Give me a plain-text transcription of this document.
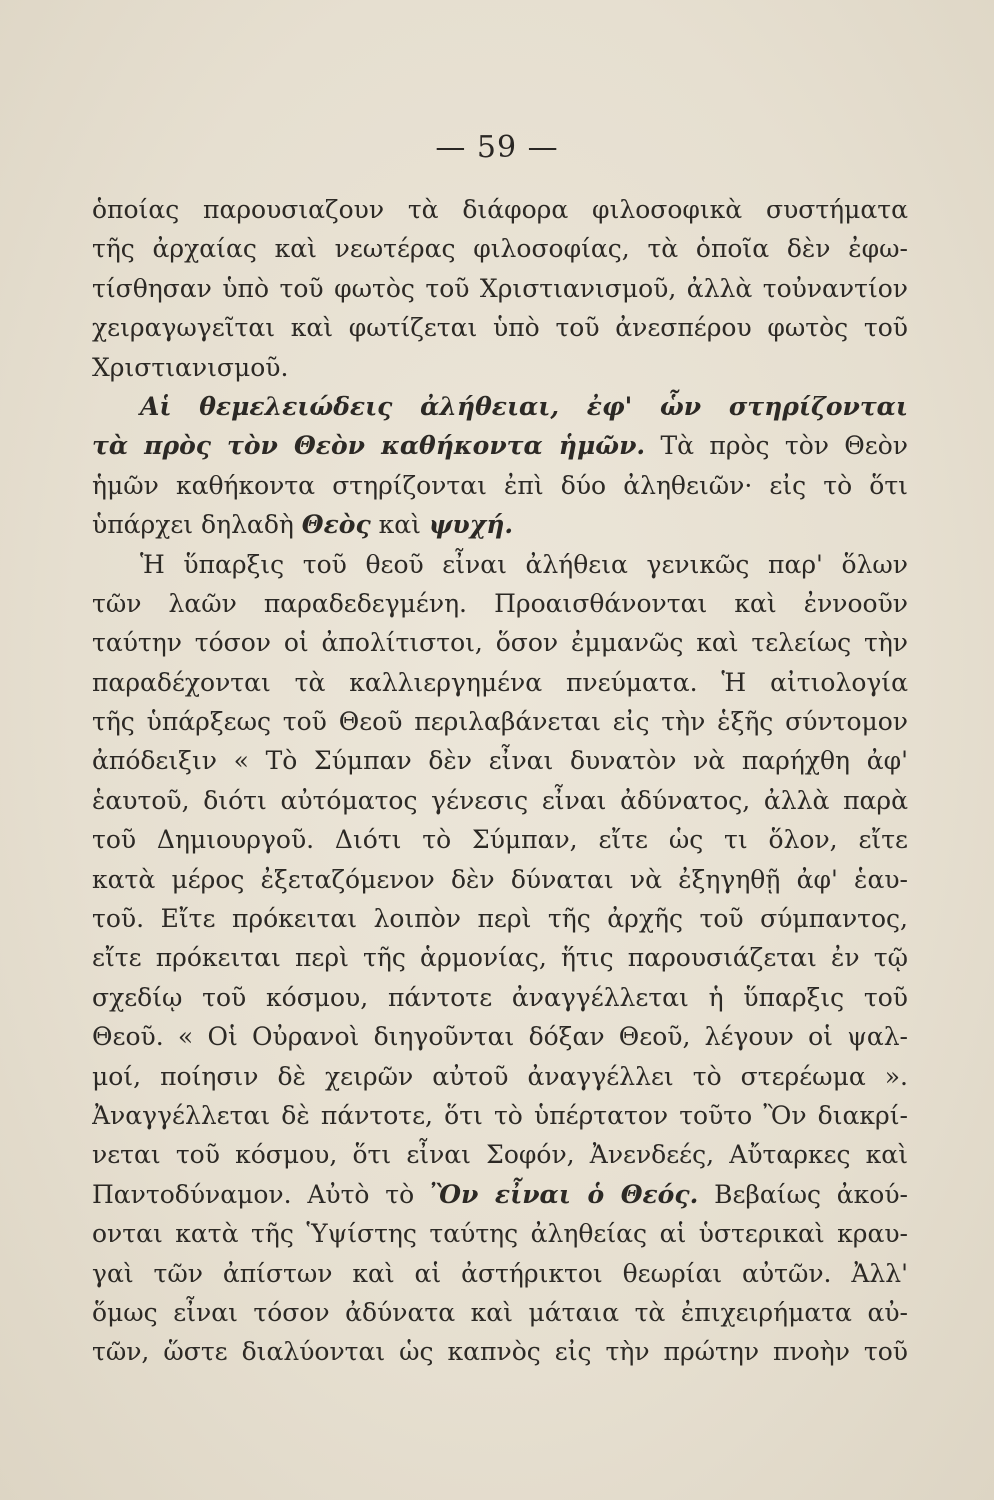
— 59 —
ὁποίας παρουσιαζουν τὰ διάφορα φιλοσοφικὰ συστήματα
τῆς ἀρχαίας καὶ νεωτέρας φιλοσοφίας, τὰ ὁποῖα δὲν ἐφω-
τίσθησαν ὑπὸ τοῦ φωτὸς τοῦ Χριστιανισμοῦ, ἀλλὰ τοὐναντίον
χειραγωγεῖται καὶ φωτίζεται ὑπὸ τοῦ ἀνεσπέρου φωτὸς τοῦ
Χριστιανισμοῦ.
Αἱ θεμελειώδεις ἀλήθειαι, ἐφ' ὧν στηρίζονται
τὰ πρὸς τὸν Θεὸν καθήκοντα ἡμῶν. Τὰ πρὸς τὸν Θεὸν
ἡμῶν καθήκοντα στηρίζονται ἐπὶ δύο ἀληθειῶν· εἰς τὸ ὅτι
ὑπάρχει δηλαδὴ Θεὸς καὶ ψυχή.
Ἡ ὕπαρξις τοῦ θεοῦ εἶναι ἀλήθεια γενικῶς παρ' ὅλων
τῶν λαῶν παραδεδεγμένη. Προαισθάνονται καὶ ἐννοοῦν
ταύτην τόσον οἱ ἀπολίτιστοι, ὅσον ἐμμανῶς καὶ τελείως τὴν
παραδέχονται τὰ καλλιεργημένα πνεύματα. Ἡ αἰτιολογία
τῆς ὑπάρξεως τοῦ Θεοῦ περιλαβάνεται εἰς τὴν ἑξῆς σύντομον
ἀπόδειξιν « Τὸ Σύμπαν δὲν εἶναι δυνατὸν νὰ παρήχθη ἀφ'
ἑαυτοῦ, διότι αὐτόματος γένεσις εἶναι ἀδύνατος, ἀλλὰ παρὰ
τοῦ Δημιουργοῦ. Διότι τὸ Σύμπαν, εἴτε ὡς τι ὅλον, εἴτε
κατὰ μέρος ἐξεταζόμενον δὲν δύναται νὰ ἐξηγηθῇ ἀφ' ἑαυ-
τοῦ. Εἴτε πρόκειται λοιπὸν περὶ τῆς ἀρχῆς τοῦ σύμπαντος,
εἴτε πρόκειται περὶ τῆς ἁρμονίας, ἥτις παρουσιάζεται ἐν τῷ
σχεδίῳ τοῦ κόσμου, πάντοτε ἀναγγέλλεται ἡ ὕπαρξις τοῦ
Θεοῦ. « Οἱ Οὐρανοὶ διηγοῦνται δόξαν Θεοῦ, λέγουν οἱ ψαλ-
μοί, ποίησιν δὲ χειρῶν αὐτοῦ ἀναγγέλλει τὸ στερέωμα ».
Ἀναγγέλλεται δὲ πάντοτε, ὅτι τὸ ὑπέρτατον τοῦτο Ὂν διακρί-
νεται τοῦ κόσμου, ὅτι εἶναι Σοφόν, Ἀνενδεές, Αὔταρκες καὶ
Παντοδύναμον. Αὐτὸ τὸ Ὂν εἶναι ὁ Θεός. Βεβαίως ἀκού-
ονται κατὰ τῆς Ὑψίστης ταύτης ἀληθείας αἱ ὑστερικαὶ κραυ-
γαὶ τῶν ἀπίστων καὶ αἱ ἀστήρικτοι θεωρίαι αὐτῶν. Ἀλλ'
ὅμως εἶναι τόσον ἀδύνατα καὶ μάταια τὰ ἐπιχειρήματα αὐ-
τῶν, ὥστε διαλύονται ὡς καπνὸς εἰς τὴν πρώτην πνοὴν τοῦ
